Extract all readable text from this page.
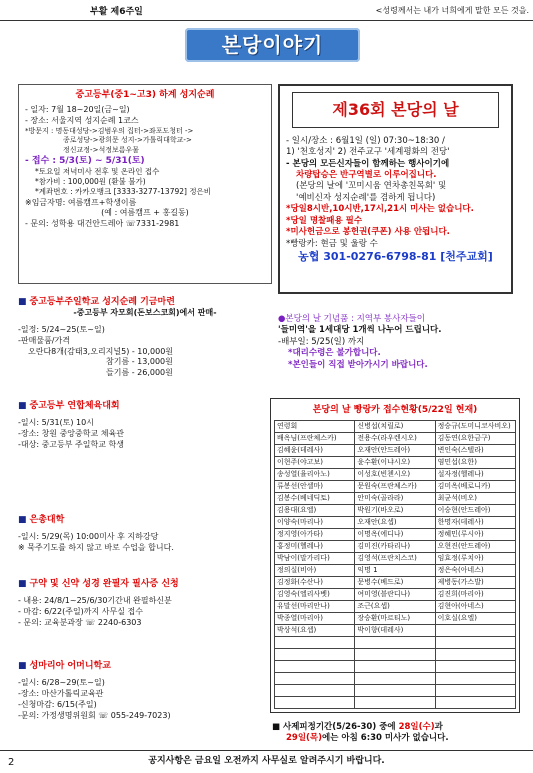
부활 제6주일	<성령께서는 내가 너희에게 말한 모든 것을.
본당이야기

중고등부(중1~고3) 하계 성지순례

- 일자: 7월 18~20일(금~일)

- 장소: 서울지역 성지순례 1코스

*방문지 : 명동대성당->김범우의 집터->좌포도청터 ->

종로성당->광희문 성지->가톨릭대학교->

정신교정->석정보름우물

- 접수 : 5/3(토) ~ 5/31(토)

*토요일 저녁미사 전후 및 온라인 접수

*참가비 : 100,000원 (환불 불가)

*계좌번호 : 카카오뱅크 [3333-3277-13792] 정은비

※임금자명: 여름캠프+학생이름

(예 : 여름캠프 + 홍길동)

- 문의: 성학용 대건안드레아 ☏7331-2981

제36회 본당의 날

- 일시/장소 : 6월1일 (일) 07:30~18:30 /

1) '천호성지' 2) 전주교구 '세계평화의 전당'

- 본당의 모든신자들이 함께하는 행사이기에

차량탑승은 반구역별로 이루어집니다.

(본당의 날에 '꼬미시움 연차총친목회' 및

'예비신자 성지순례'를 겸하게 됩니다)

*당일8시반,10시반,17시,21시 미사는 없습니다.

*당일 명찰패용 필수

*미사헌금으로 봉헌권(쿠폰) 사용 안됩니다.

*빵랑카: 현금 및 울랑 수

농협 301-0276-6798-81 [천주교회]

■ 중고등부주일학교 성지순례 기금마련

-중고등부 자모회(돈보스코회)에서 판매-

-일정: 5/24~25(토~일)

-판매물품/가격

오란다8개(감태3,오리지널5) - 10,000원

참기름 - 13,000원

들기름 - 26,000원

■ 중고등부 연합체육대회

-일시: 5/31(토) 10시

-장소: 창원 중앙중학교 체육관

-대상: 중고등부 주일학교 학생

■ 은총대학

-일시: 5/29(목) 10:00미사 후 지하강당

※ 묵주기도를 하지 않고 바로 수업을 합니다.

■ 구약 및 신약 성경 완필자 필사증 신청

- 내용: 24/8/1~25/6/30기간내 완필하신분

- 마감: 6/22(주일)까지 사무실 접수

- 문의: 교육분과장 ☏ 2240-6303

■ 성마리아 어머니학교

-일시: 6/28~29(토~일)

-장소: 마산가톨릭교육관

-신청마감: 6/15(주일)

-문의: 가정생명위원회 ☏ 055-249-7023)

●본당의 날 기념품 : 지역부 봉사자들이

'들미역'을 1세대당 1개씩 나누어 드립니다.

-배부일: 5/25(일) 까지

*대리수령은 불가합니다.

*본인들이 직접 받아가시기 바랍니다.

본당의 날 빵랑카 접수현황(5/22일 현재)

연령회	신병섭(치릴로)	정승규(도미니코사비오)
배옥님(프란체스카)	전용수(라우렌시오)	김동연(요한금구)
김혜윤(데레사)	오재안(안드레아)	변인숙(스텔라)
이현주(야고보)	윤수환(이냐시오)	염민섭(요한)
송성열(율리아노)	이성호(빈첸시오)	설자정(헬레나)
류봉선(안셀마)	문원숙(프란체스카)	김미옥(베로니카)
김봉수(베네딕토)	안미숙(골라라)	최균석(비오)
김용대(요엘)	박원기(바오로)	이승현(안드레아)
이양숙(마리나)	오재안(요셉)	한명자(데레사)
정지영(아가타)	이명옥(에디나)	정혜민(루시아)
홍정미(헬레나)	김미진(카타리나)	오현진(안드레아)
박남이(말가리다)	김영석(프란치스코)	임효정(루치아)
정의실(비아)	익명 1	정은숙(아네스)
김정화(수산나)	문병수(베드로)	제병동(가스발)
김영숙(엘리사벳)	여미영(블란디나)	김진희(마리아)
유말선(마리안나)	조근(요셉)	김현아(아네스)
박종열(마리아)	장승환(마르티노)	이호실(요엘)
박상석(요셉)	박이향(데레사)	

■ 사제피정기간(5/26-30) 중에 28일(수)과

29일(목)에는 아침 6:30 미사가 없습니다.

2	공지사항은 금요일 오전까지 사무실로 알려주시기 바랍니다.
